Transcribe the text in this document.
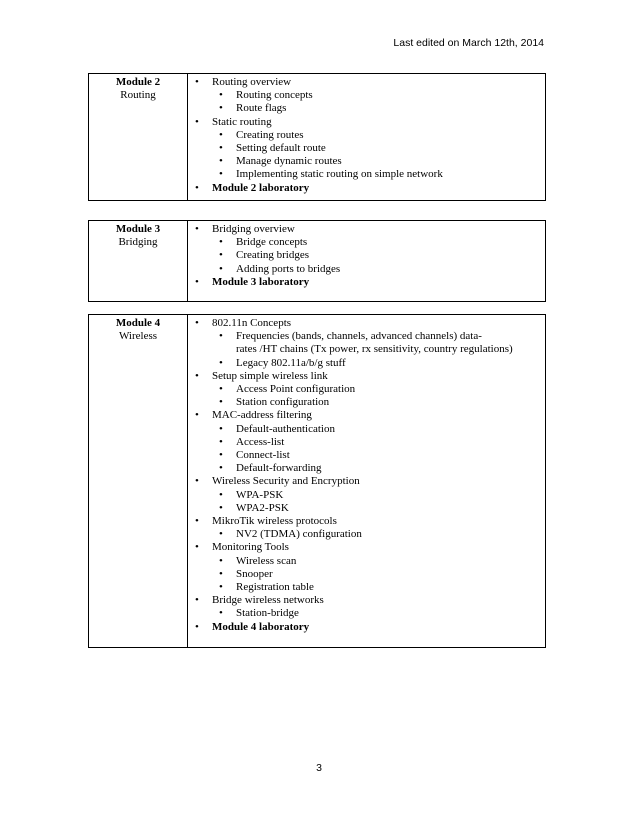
Last edited on March 12th, 2014
Module 2
Routing
• Routing overview
• Routing concepts
• Route flags
• Static routing
• Creating routes
• Setting default route
• Manage dynamic routes
• Implementing static routing on simple network
• Module 2 laboratory
Module 3
Bridging
• Bridging overview
• Bridge concepts
• Creating bridges
• Adding ports to bridges
• Module 3 laboratory
Module 4
Wireless
• 802.11n Concepts
• Frequencies (bands, channels, advanced channels) data-
rates /HT chains (Tx power, rx sensitivity, country regulations)
• Legacy 802.11a/b/g stuff
• Setup simple wireless link
• Access Point configuration
• Station configuration
• MAC-address filtering
• Default-authentication
• Access-list
• Connect-list
• Default-forwarding
• Wireless Security and Encryption
• WPA-PSK
• WPA2-PSK
• MikroTik wireless protocols
• NV2 (TDMA) configuration
• Monitoring Tools
• Wireless scan
• Snooper
• Registration table
• Bridge wireless networks
• Station-bridge
• Module 4 laboratory
3
